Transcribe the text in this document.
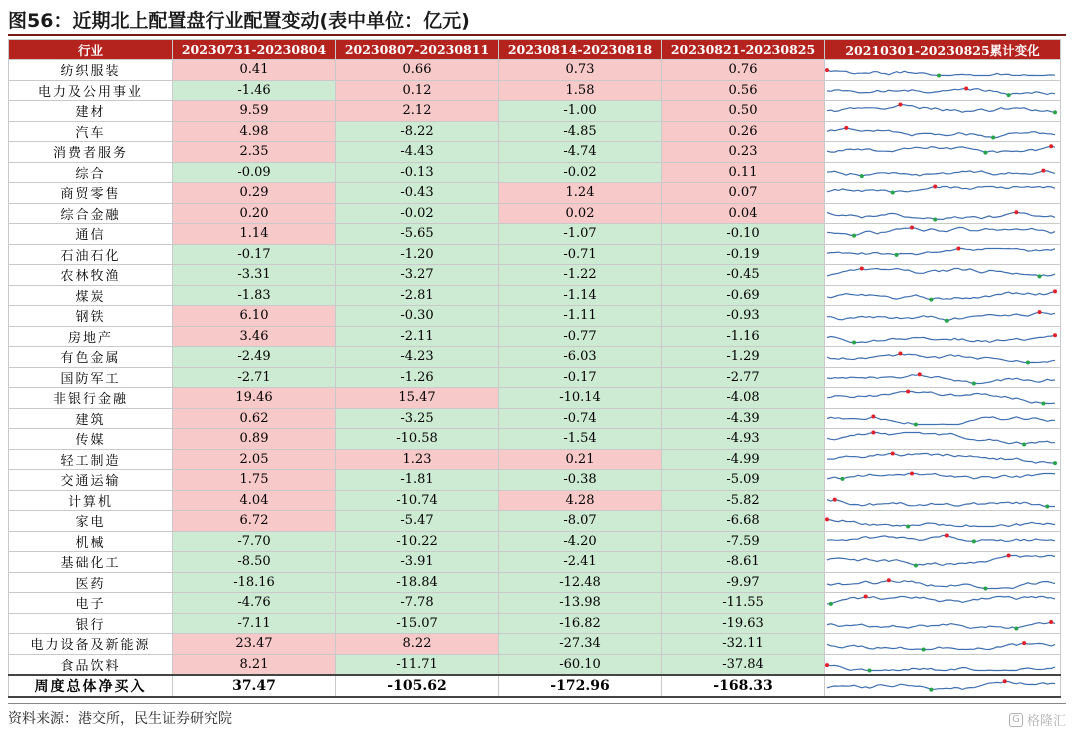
图56：近期北上配置盘行业配置变动(表中单位：亿元)
行业	20230731-20230804	20230807-20230811	20230814-20230818	20230821-20230825	20210301-20230825累计变化
纺织服装	0.41	0.66	0.73	0.76	

电力及公用事业	-1.46	0.12	1.58	0.56	

建材	9.59	2.12	-1.00	0.50	

汽车	4.98	-8.22	-4.85	0.26	

消费者服务	2.35	-4.43	-4.74	0.23	

综合	-0.09	-0.13	-0.02	0.11	

商贸零售	0.29	-0.43	1.24	0.07	

综合金融	0.20	-0.02	0.02	0.04	

通信	1.14	-5.65	-1.07	-0.10	

石油石化	-0.17	-1.20	-0.71	-0.19	

农林牧渔	-3.31	-3.27	-1.22	-0.45	

煤炭	-1.83	-2.81	-1.14	-0.69	

钢铁	6.10	-0.30	-1.11	-0.93	

房地产	3.46	-2.11	-0.77	-1.16	

有色金属	-2.49	-4.23	-6.03	-1.29	

国防军工	-2.71	-1.26	-0.17	-2.77	

非银行金融	19.46	15.47	-10.14	-4.08	

建筑	0.62	-3.25	-0.74	-4.39	

传媒	0.89	-10.58	-1.54	-4.93	

轻工制造	2.05	1.23	0.21	-4.99	

交通运输	1.75	-1.81	-0.38	-5.09	

计算机	4.04	-10.74	4.28	-5.82	

家电	6.72	-5.47	-8.07	-6.68	

机械	-7.70	-10.22	-4.20	-7.59	

基础化工	-8.50	-3.91	-2.41	-8.61	

医药	-18.16	-18.84	-12.48	-9.97	

电子	-4.76	-7.78	-13.98	-11.55	

银行	-7.11	-15.07	-16.82	-19.63	

电力设备及新能源	23.47	8.22	-27.34	-32.11	

食品饮料	8.21	-11.71	-60.10	-37.84	

周度总体净买入	37.47	-105.62	-172.96	-168.33	
资料来源：港交所，民生证券研究院	G 格隆汇
